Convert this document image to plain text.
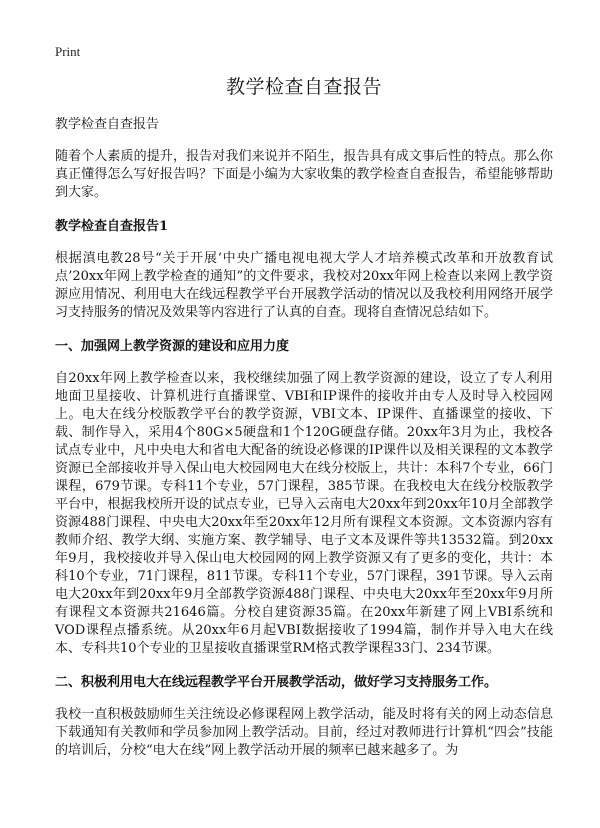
Print
教学检查自查报告
教学检查自查报告

随着个人素质的提升，报告对我们来说并不陌生，报告具有成文事后性的特点。那么你真正懂得怎么写好报告吗？下面是小编为大家收集的教学检查自查报告，希望能够帮助到大家。

教学检查自查报告1

根据滇电教28号“关于开展‘中央广播电视电视大学人才培养模式改革和开放教育试点’20xx年网上教学检查的通知”的文件要求，我校对20xx年网上检查以来网上教学资源应用情况、利用电大在线远程教学平台开展教学活动的情况以及我校利用网络开展学习支持服务的情况及效果等内容进行了认真的自查。现将自查情况总结如下。

一、加强网上教学资源的建设和应用力度

自20xx年网上教学检查以来，我校继续加强了网上教学资源的建设，设立了专人利用地面卫星接收、计算机进行直播课堂、VBI和IP课件的接收并由专人及时导入校园网上。电大在线分校版教学平台的教学资源，VBI文本、IP课件、直播课堂的接收、下载、制作导入，采用4个80G×5硬盘和1个120G硬盘存储。20xx年3月为止，我校各试点专业中，凡中央电大和省电大配备的统设必修课的IP课件以及相关课程的文本教学资源已全部接收并导入保山电大校园网电大在线分校版上，共计：本科7个专业，66门课程，679节课。专科11个专业，57门课程，385节课。在我校电大在线分校版教学平台中，根据我校所开设的试点专业，已导入云南电大20xx年到20xx年10月全部教学资源488门课程、中央电大20xx年至20xx年12月所有课程文本资源。文本资源内容有教师介绍、教学大纲、实施方案、教学辅导、电子文本及课件等共13532篇。到20xx年9月，我校接收并导入保山电大校园网的网上教学资源又有了更多的变化，共计：本科10个专业，71门课程，811节课。专科11个专业，57门课程，391节课。导入云南电大20xx年到20xx年9月全部教学资源488门课程、中央电大20xx年至20xx年9月所有课程文本资源共21646篇。分校自建资源35篇。在20xx年新建了网上VBI系统和VOD课程点播系统。从20xx年6月起VBI数据接收了1994篇，制作并导入电大在线本、专科共10个专业的卫星接收直播课堂RM格式教学课程33门、234节课。

二、积极利用电大在线远程教学平台开展教学活动，做好学习支持服务工作。

我校一直积极鼓励师生关注统设必修课程网上教学活动，能及时将有关的网上动态信息下载通知有关教师和学员参加网上教学活动。目前，经过对教师进行计算机“四会”技能的培训后，分校“电大在线”网上教学活动开展的频率已越来越多了。为
